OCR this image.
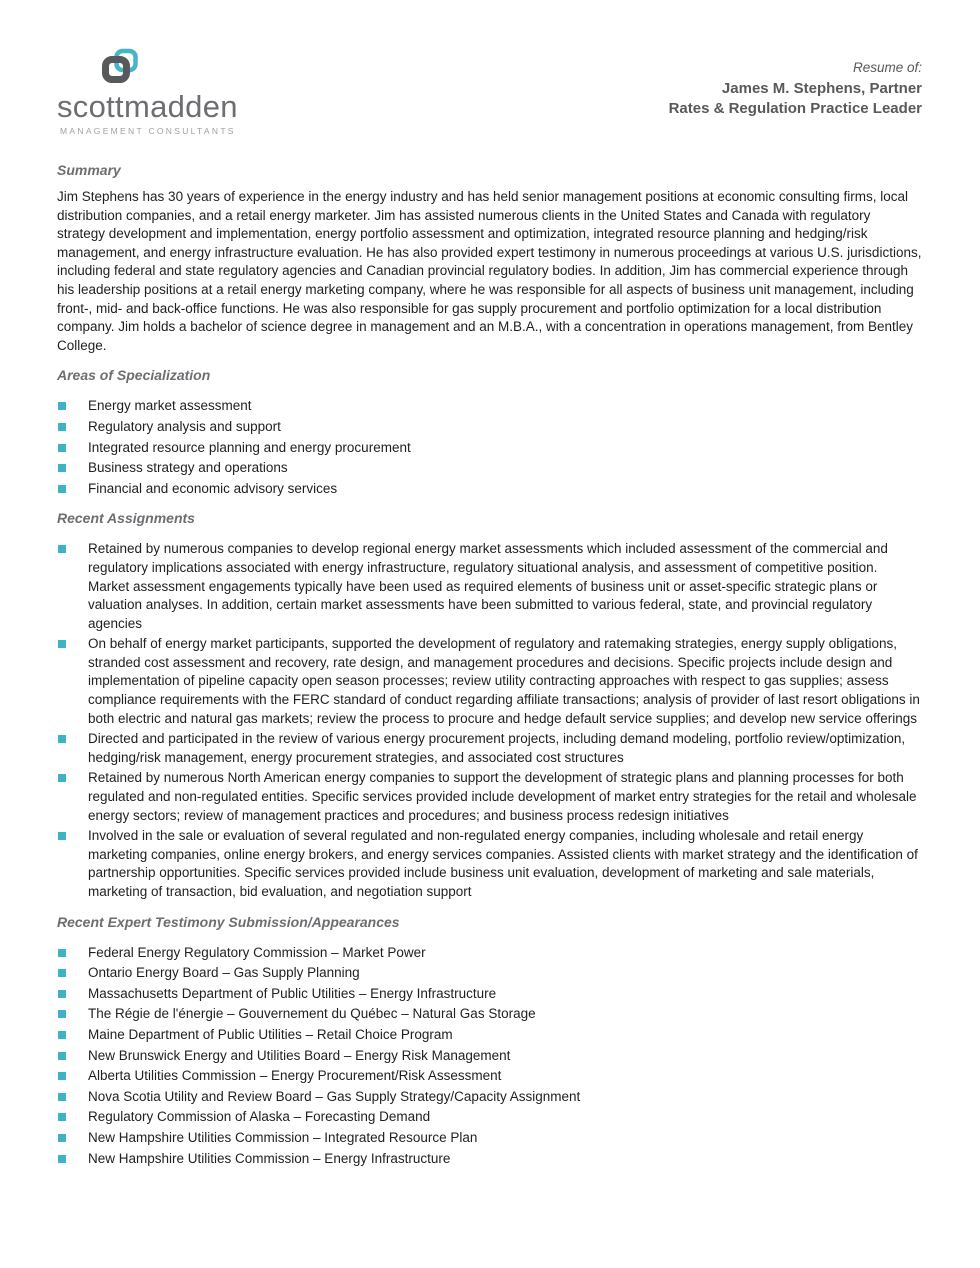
scottmadden
MANAGEMENT CONSULTANTS
Resume of:
James M. Stephens, Partner
Rates & Regulation Practice Leader
Summary

Jim Stephens has 30 years of experience in the energy industry and has held senior management positions at economic consulting firms, local distribution companies, and a retail energy marketer. Jim has assisted numerous clients in the United States and Canada with regulatory strategy development and implementation, energy portfolio assessment and optimization, integrated resource planning and hedging/risk management, and energy infrastructure evaluation. He has also provided expert testimony in numerous proceedings at various U.S. jurisdictions, including federal and state regulatory agencies and Canadian provincial regulatory bodies. In addition, Jim has commercial experience through his leadership positions at a retail energy marketing company, where he was responsible for all aspects of business unit management, including front-, mid- and back-office functions. He was also responsible for gas supply procurement and portfolio optimization for a local distribution company. Jim holds a bachelor of science degree in management and an M.B.A., with a concentration in operations management, from Bentley College.

Areas of Specialization
Energy market assessment
Regulatory analysis and support
Integrated resource planning and energy procurement
Business strategy and operations
Financial and economic advisory services
Recent Assignments
Retained by numerous companies to develop regional energy market assessments which included assessment of the commercial and regulatory implications associated with energy infrastructure, regulatory situational analysis, and assessment of competitive position. Market assessment engagements typically have been used as required elements of business unit or asset-specific strategic plans or valuation analyses. In addition, certain market assessments have been submitted to various federal, state, and provincial regulatory agencies
On behalf of energy market participants, supported the development of regulatory and ratemaking strategies, energy supply obligations, stranded cost assessment and recovery, rate design, and management procedures and decisions. Specific projects include design and implementation of pipeline capacity open season processes; review utility contracting approaches with respect to gas supplies; assess compliance requirements with the FERC standard of conduct regarding affiliate transactions; analysis of provider of last resort obligations in both electric and natural gas markets; review the process to procure and hedge default service supplies; and develop new service offerings
Directed and participated in the review of various energy procurement projects, including demand modeling, portfolio review/optimization, hedging/risk management, energy procurement strategies, and associated cost structures
Retained by numerous North American energy companies to support the development of strategic plans and planning processes for both regulated and non-regulated entities. Specific services provided include development of market entry strategies for the retail and wholesale energy sectors; review of management practices and procedures; and business process redesign initiatives
Involved in the sale or evaluation of several regulated and non-regulated energy companies, including wholesale and retail energy marketing companies, online energy brokers, and energy services companies. Assisted clients with market strategy and the identification of partnership opportunities. Specific services provided include business unit evaluation, development of marketing and sale materials, marketing of transaction, bid evaluation, and negotiation support
Recent Expert Testimony Submission/Appearances
Federal Energy Regulatory Commission – Market Power
Ontario Energy Board – Gas Supply Planning
Massachusetts Department of Public Utilities – Energy Infrastructure
The Régie de l'énergie – Gouvernement du Québec – Natural Gas Storage
Maine Department of Public Utilities – Retail Choice Program
New Brunswick Energy and Utilities Board – Energy Risk Management
Alberta Utilities Commission – Energy Procurement/Risk Assessment
Nova Scotia Utility and Review Board – Gas Supply Strategy/Capacity Assignment
Regulatory Commission of Alaska – Forecasting Demand
New Hampshire Utilities Commission – Integrated Resource Plan
New Hampshire Utilities Commission – Energy Infrastructure
